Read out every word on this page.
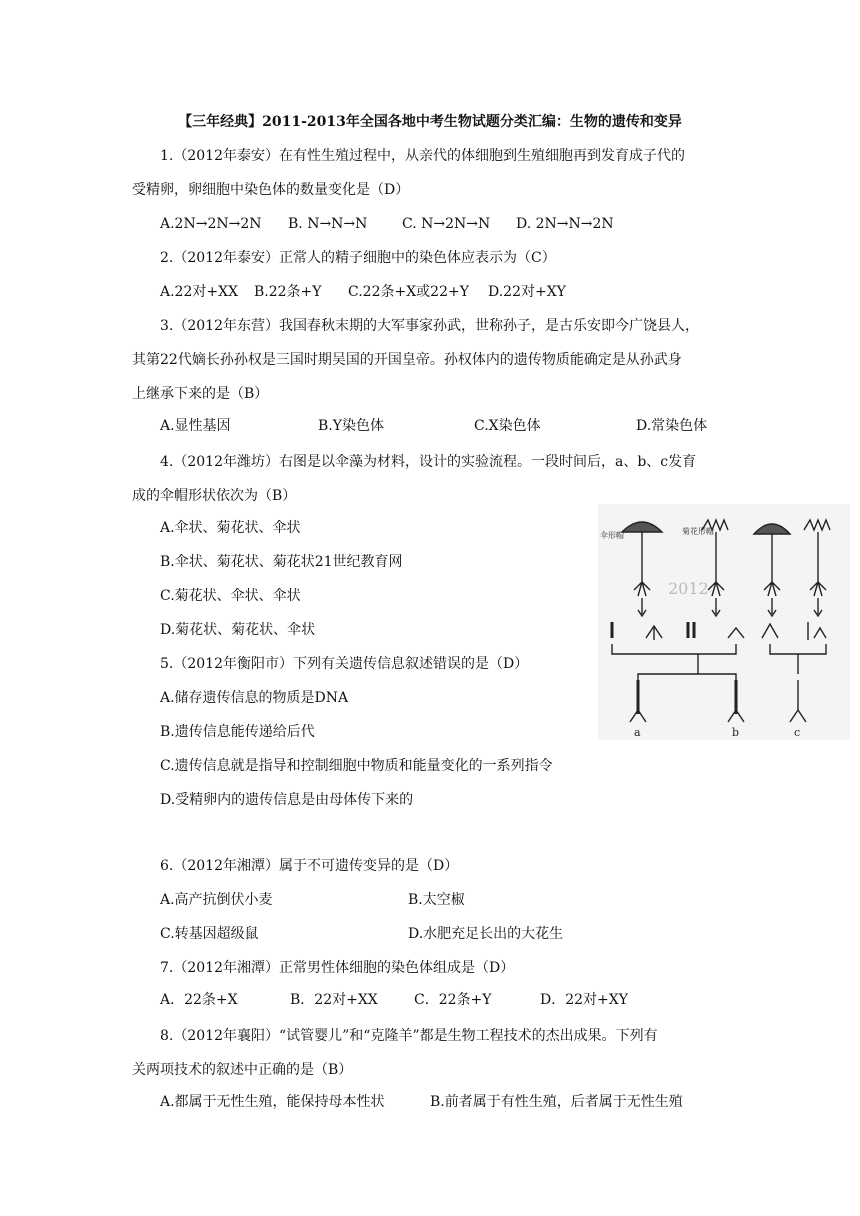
【三年经典】2011-2013年全国各地中考生物试题分类汇编：生物的遗传和变异
1.（2012年泰安）在有性生殖过程中，从亲代的体细胞到生殖细胞再到发育成子代的
受精卵，卵细胞中染色体的数量变化是（D）
A.2N→2N→2N B. N→N→N C. N→2N→N D. 2N→N→2N
2.（2012年泰安）正常人的精子细胞中的染色体应表示为（C）
A.22对+XX B.22条+Y C.22条+X或22+Y D.22对+XY
3.（2012年东营）我国春秋末期的大军事家孙武，世称孙子，是古乐安即今广饶县人，
其第22代嫡长孙孙权是三国时期吴国的开国皇帝。孙权体内的遗传物质能确定是从孙武身
上继承下来的是（B）
A.显性基因	B.Y染色体	C.X染色体	D.常染色体
4.（2012年潍坊）右图是以伞藻为材料，设计的实验流程。一段时间后，a、b、c发育
成的伞帽形状依次为（B）
A.伞状、菊花状、伞状
B.伞状、菊花状、菊花状21世纪教育网
C.菊花状、伞状、伞状
D.菊花状、菊花状、伞状
5.（2012年衡阳市）下列有关遗传信息叙述错误的是（D）
A.储存遗传信息的物质是DNA
B.遗传信息能传递给后代
C.遗传信息就是指导和控制细胞中物质和能量变化的一系列指令
D.受精卵内的遗传信息是由母体传下来的
6.（2012年湘潭）属于不可遗传变异的是（D）
A.高产抗倒伏小麦	B.太空椒
C.转基因超级鼠	D.水肥充足长出的大花生
7.（2012年湘潭）正常男性体细胞的染色体组成是（D）
A．22条+X	B．22对+XX	C．22条+Y	D．22对+XY
8.（2012年襄阳）“试管婴儿”和“克隆羊”都是生物工程技术的杰出成果。下列有
关两项技术的叙述中正确的是（B）
A.都属于无性生殖，能保持母本性状	B.前者属于有性生殖，后者属于无性生殖
伞形帽	菊花形帽
2012
a	b	c
